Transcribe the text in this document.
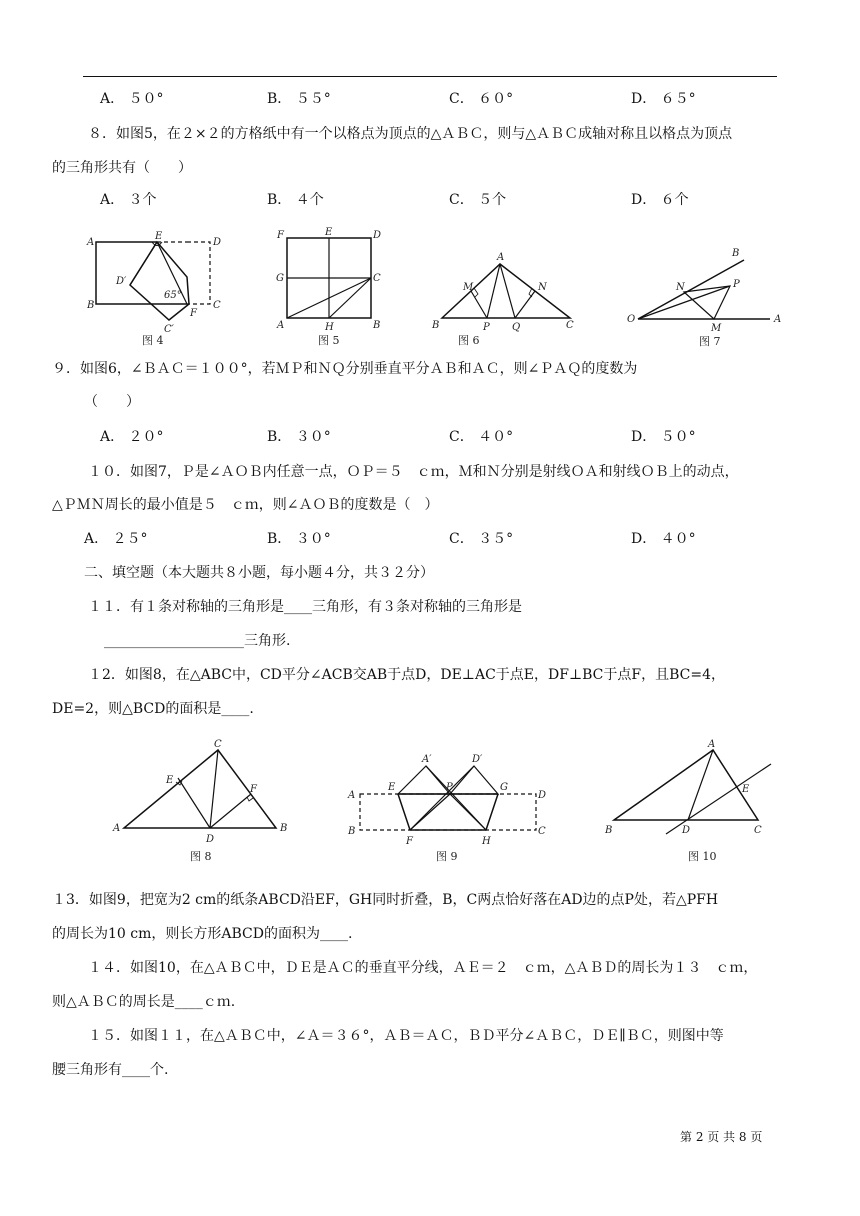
A． ５０°	B． ５５°	C． ６０°	D． ６５°
８．如图5，在２×２的方格纸中有一个以格点为顶点的△ＡＢＣ，则与△ＡＢＣ成轴对称且以格点为顶点
的三角形共有（　　）
A． ３个	B． ４个	C． ５个	D． ６个
A
E
D
D′
65°
B	C
F
C′
图 4
F	E	D
G	C
A	H	B
图 5
A
M	N
B	P Q	C
图 6
B
N	P
O
M
A
图 7
９．如图6，∠ＢＡＣ＝１００°，若ＭＰ和ＮＱ分别垂直平分ＡＢ和ＡＣ，则∠ＰＡＱ的度数为
（　　）
A． ２０°	B． ３０°	C． ４０°	D． ５０°
１０．如图7，Ｐ是∠ＡＯＢ内任意一点，ＯＰ＝５　ｃｍ，Ｍ和Ｎ分别是射线ＯＡ和射线ＯＢ上的动点，
△ＰＭＮ周长的最小值是５　ｃｍ，则∠ＡＯＢ的度数是（　）
A． ２５°	B． ３０°	C． ３５°	D． ４０°
二、填空题（本大题共８小题，每小题４分，共３２分）
１１．有１条对称轴的三角形是____三角形，有３条对称轴的三角形是
____________________三角形.
１2．如图8，在△ABC中，CD平分∠ACB交AB于点D，DE⊥AC于点E，DF⊥BC于点F，且BC=4，
DE=2，则△BCD的面积是____.
C
E
F
A
D
B
图 8
A′	D′
E	P	G
A	D
B	C
F	H
图 9
A
E
B	D	C
图 10
１3．如图9，把宽为2 cm的纸条ABCD沿EF，GH同时折叠，B，C两点恰好落在AD边的点P处，若△PFH
的周长为10 cm，则长方形ABCD的面积为____.
１４．如图10，在△ＡＢＣ中，ＤＥ是ＡＣ的垂直平分线，ＡＥ＝２　ｃｍ，△ＡＢＤ的周长为１３　ｃｍ，
则△ＡＢＣ的周长是____ｃｍ.
１５．如图１１，在△ＡＢＣ中，∠Ａ＝３６°，ＡＢ＝ＡＣ，ＢＤ平分∠ＡＢＣ，ＤＥ∥ＢＣ，则图中等
腰三角形有____个.
第 2 页 共 8 页
